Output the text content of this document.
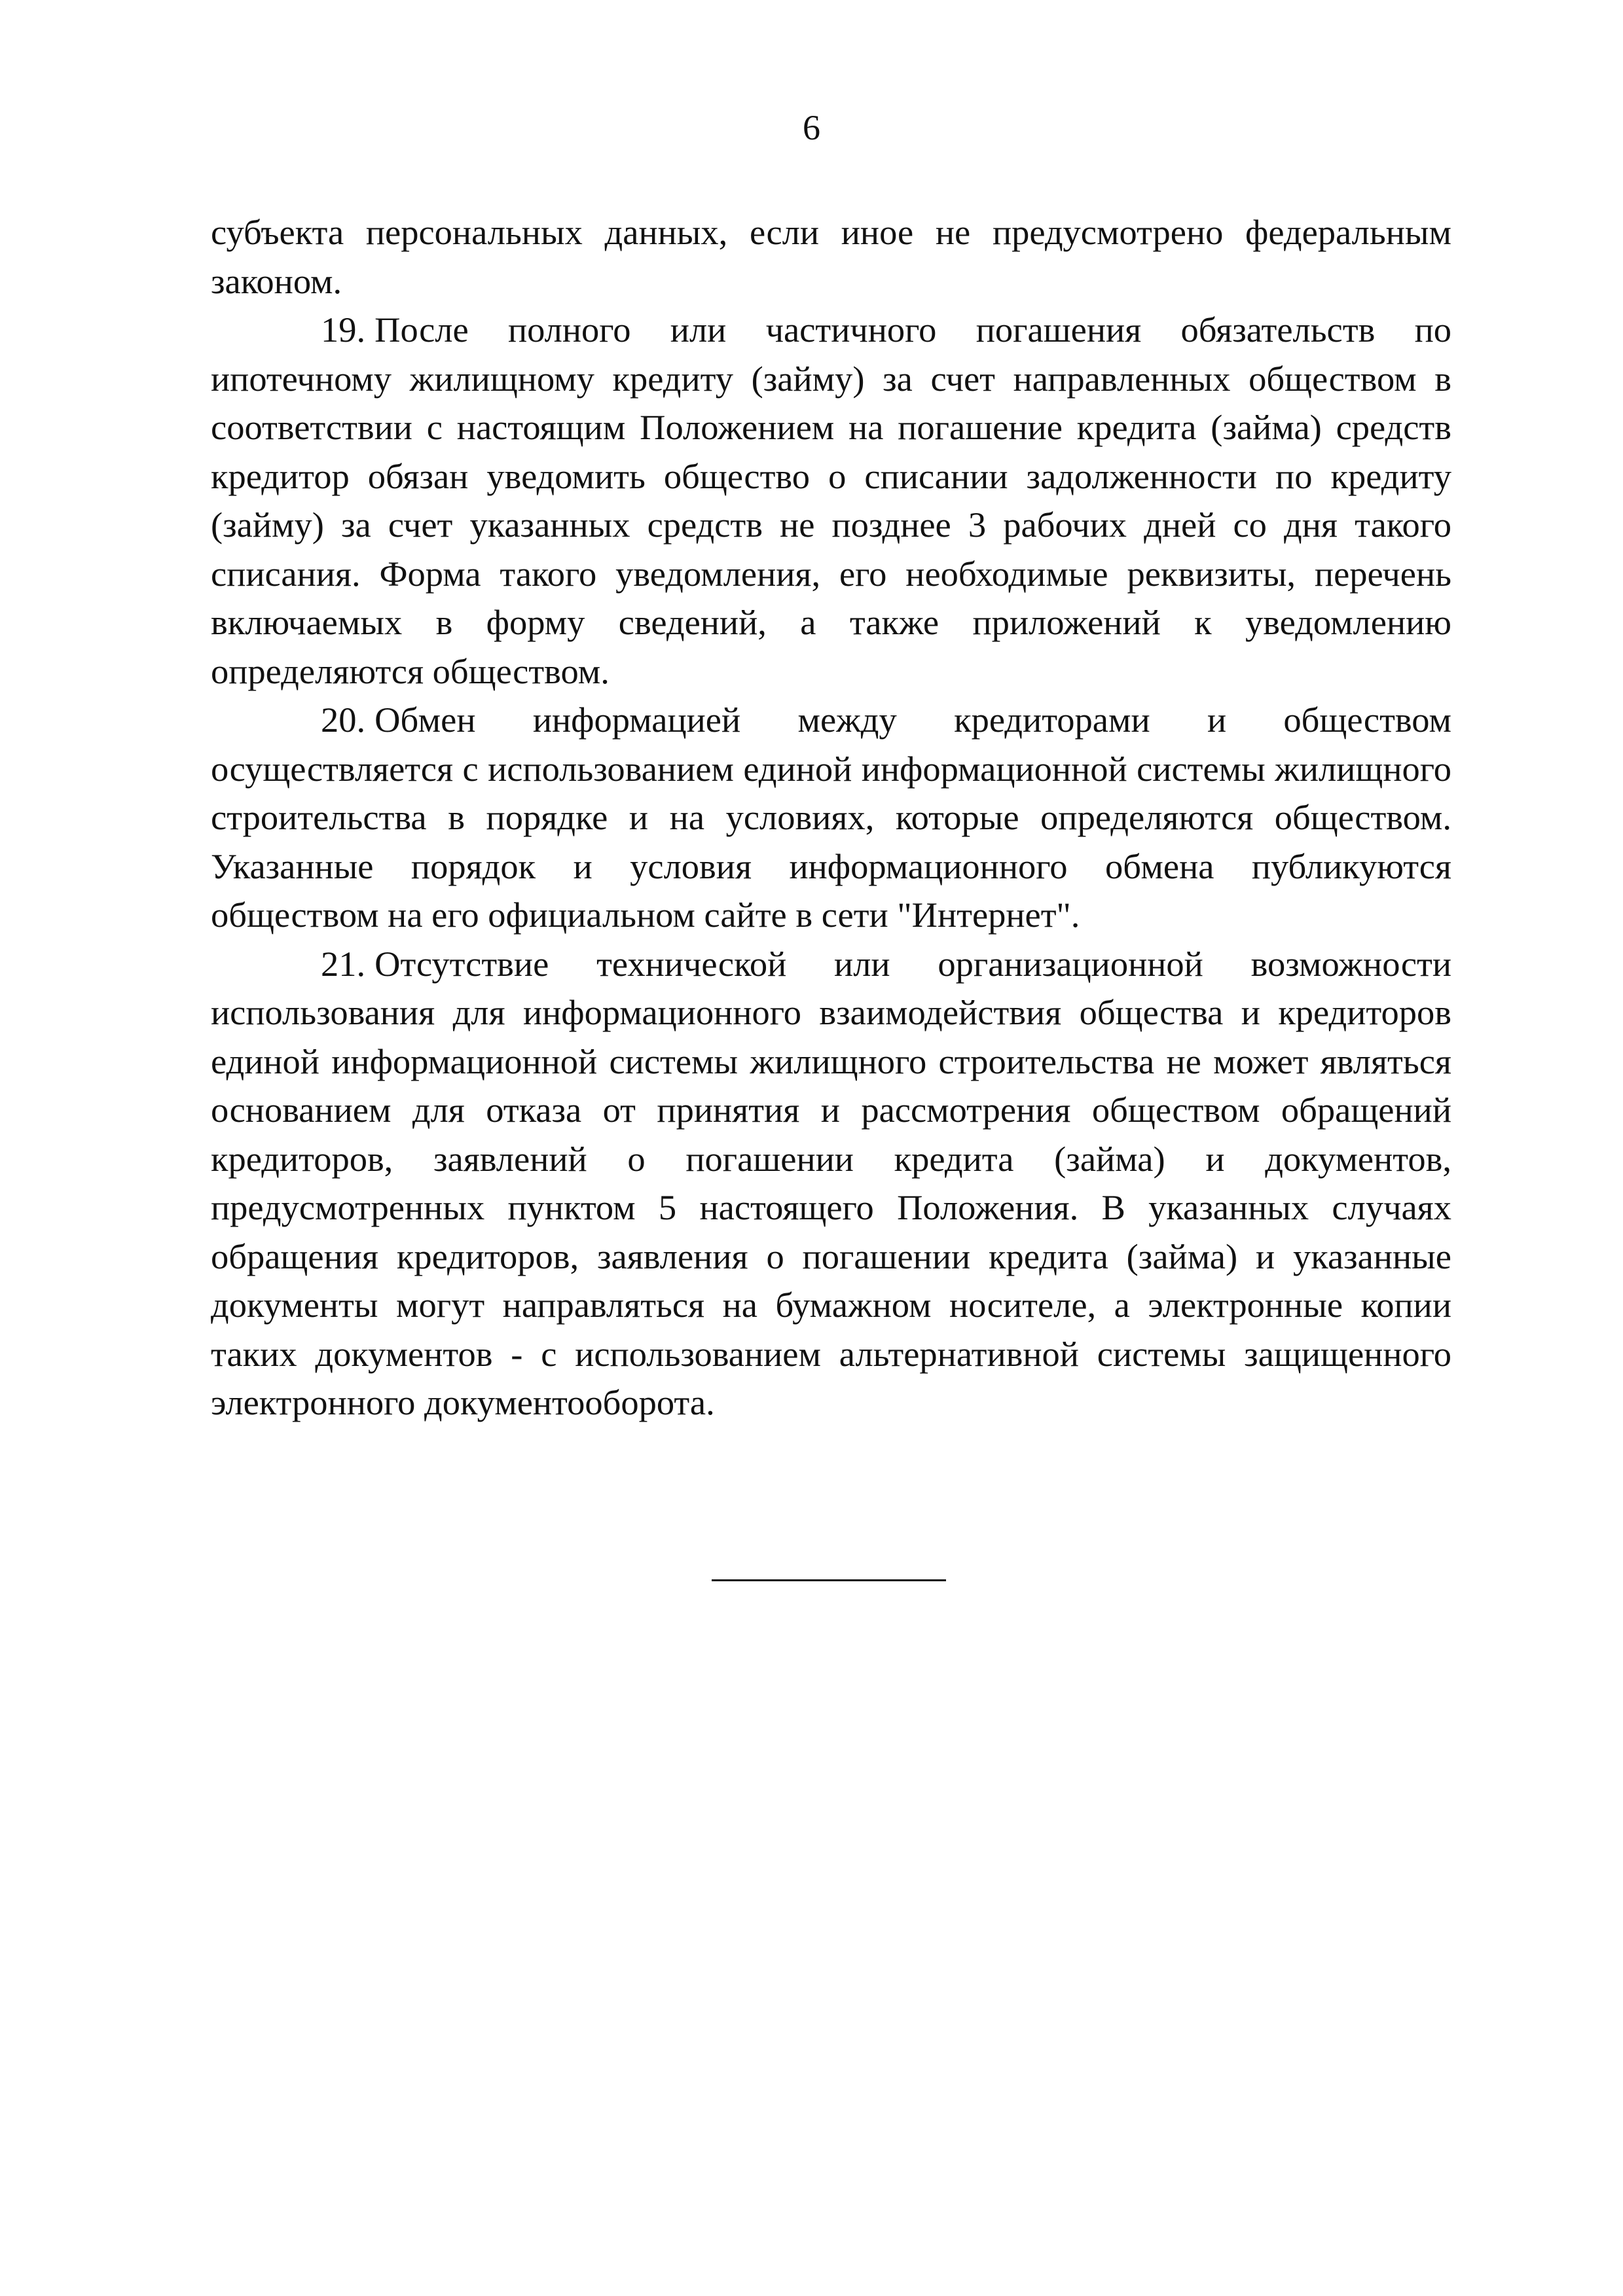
6

субъекта персональных данных, если иное не предусмотрено федеральным законом.

19. После полного или частичного погашения обязательств по ипотечному жилищному кредиту (займу) за счет направленных обществом в соответствии с настоящим Положением на погашение кредита (займа) средств кредитор обязан уведомить общество о списании задолженности по кредиту (займу) за счет указанных средств не позднее 3 рабочих дней со дня такого списания. Форма такого уведомления, его необходимые реквизиты, перечень включаемых в форму сведений, а также приложений к уведомлению определяются обществом.

20. Обмен информацией между кредиторами и обществом осуществляется с использованием единой информационной системы жилищного строительства в порядке и на условиях, которые определяются обществом. Указанные порядок и условия информационного обмена публикуются обществом на его официальном сайте в сети "Интернет".

21. Отсутствие технической или организационной возможности использования для информационного взаимодействия общества и кредиторов единой информационной системы жилищного строительства не может являться основанием для отказа от принятия и рассмотрения обществом обращений кредиторов, заявлений о погашении кредита (займа) и документов, предусмотренных пунктом 5 настоящего Положения. В указанных случаях обращения кредиторов, заявления о погашении кредита (займа) и указанные документы могут направляться на бумажном носителе, а электронные копии таких документов - с использованием альтернативной системы защищенного электронного документооборота.
